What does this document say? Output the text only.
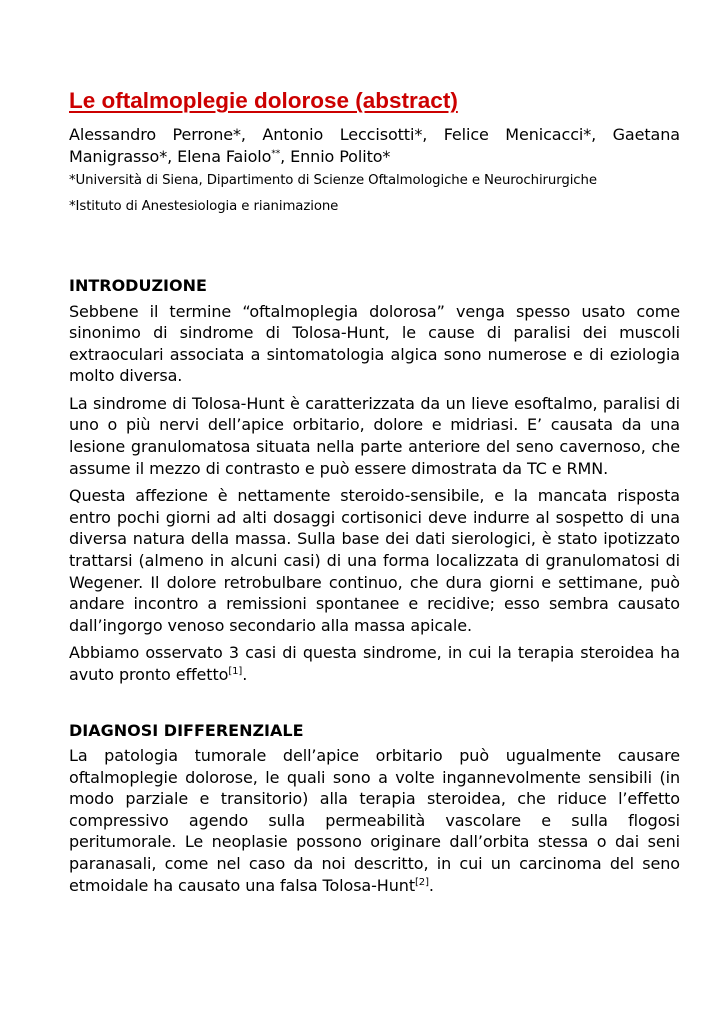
Le oftalmoplegie dolorose (abstract)

Alessandro Perrone*, Antonio Leccisotti*, Felice Menicacci*, Gaetana Manigrasso*, Elena Faiolo**, Ennio Polito*

*Università di Siena, Dipartimento di Scienze Oftalmologiche e Neurochirurgiche
*Istituto di Anestesiologia e rianimazione
INTRODUZIONE

Sebbene il termine “oftalmoplegia dolorosa” venga spesso usato come sinonimo di sindrome di Tolosa-Hunt, le cause di paralisi dei muscoli extraoculari associata a sintomatologia algica sono numerose e di eziologia molto diversa.

La sindrome di Tolosa-Hunt è caratterizzata da un lieve esoftalmo, paralisi di uno o più nervi dell’apice orbitario, dolore e midriasi. E’ causata da una lesione granulomatosa situata nella parte anteriore del seno cavernoso, che assume il mezzo di contrasto e può essere dimostrata da TC e RMN.

Questa affezione è nettamente steroido-sensibile, e la mancata risposta entro pochi giorni ad alti dosaggi cortisonici deve indurre al sospetto di una diversa natura della massa. Sulla base dei dati sierologici, è stato ipotizzato trattarsi (almeno in alcuni casi) di una forma localizzata di granulomatosi di Wegener. Il dolore retrobulbare continuo, che dura giorni e settimane, può andare incontro a remissioni spontanee e recidive; esso sembra causato dall’ingorgo venoso secondario alla massa apicale.

Abbiamo osservato 3 casi di questa sindrome, in cui la terapia steroidea ha avuto pronto effetto[1].

DIAGNOSI DIFFERENZIALE

La patologia tumorale dell’apice orbitario può ugualmente causare oftalmoplegie dolorose, le quali sono a volte ingannevolmente sensibili (in modo parziale e transitorio) alla terapia steroidea, che riduce l’effetto compressivo agendo sulla permeabilità vascolare e sulla flogosi peritumorale. Le neoplasie possono originare dall’orbita stessa o dai seni paranasali, come nel caso da noi descritto, in cui un carcinoma del seno etmoidale ha causato una falsa Tolosa-Hunt[2].
